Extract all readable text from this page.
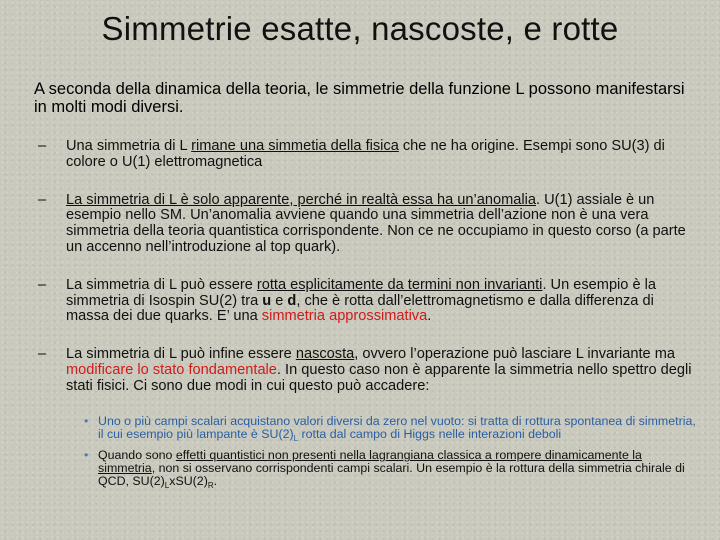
Simmetrie esatte, nascoste, e rotte
A seconda della dinamica della teoria, le simmetrie della funzione L possono manifestarsi in molti modi diversi.
– Una simmetria di L rimane una simmetia della fisica che ne ha origine. Esempi sono SU(3) di colore o U(1) elettromagnetica
– La simmetria di L è solo apparente, perché in realtà essa ha un’anomalia. U(1) assiale è un esempio nello SM. Un’anomalia avviene quando una simmetria dell’azione non è una vera simmetria della teoria quantistica corrispondente. Non ce ne occupiamo in questo corso (a parte un accenno nell’introduzione al top quark).
– La simmetria di L può essere rotta esplicitamente da termini non invarianti. Un esempio è la simmetria di Isospin SU(2) tra u e d, che è rotta dall’elettromagnetismo e dalla differenza di massa dei due quarks. E’ una simmetria approssimativa.
– La simmetria di L può infine essere nascosta, ovvero l’operazione può lasciare L invariante ma modificare lo stato fondamentale. In questo caso non è apparente la simmetria nello spettro degli stati fisici. Ci sono due modi in cui questo può accadere:
• Uno o più campi scalari acquistano valori diversi da zero nel vuoto: si tratta di rottura spontanea di simmetria, il cui esempio più lampante è $SU(2)_L$ rotta dal campo di Higgs nelle interazioni deboli
• Quando sono effetti quantistici non presenti nella lagrangiana classica a rompere dinamicamente la simmetria, non si osservano corrispondenti campi scalari. Un esempio è la rottura della simmetria chirale di QCD, $SU(2)_LxSU(2)_R$.
